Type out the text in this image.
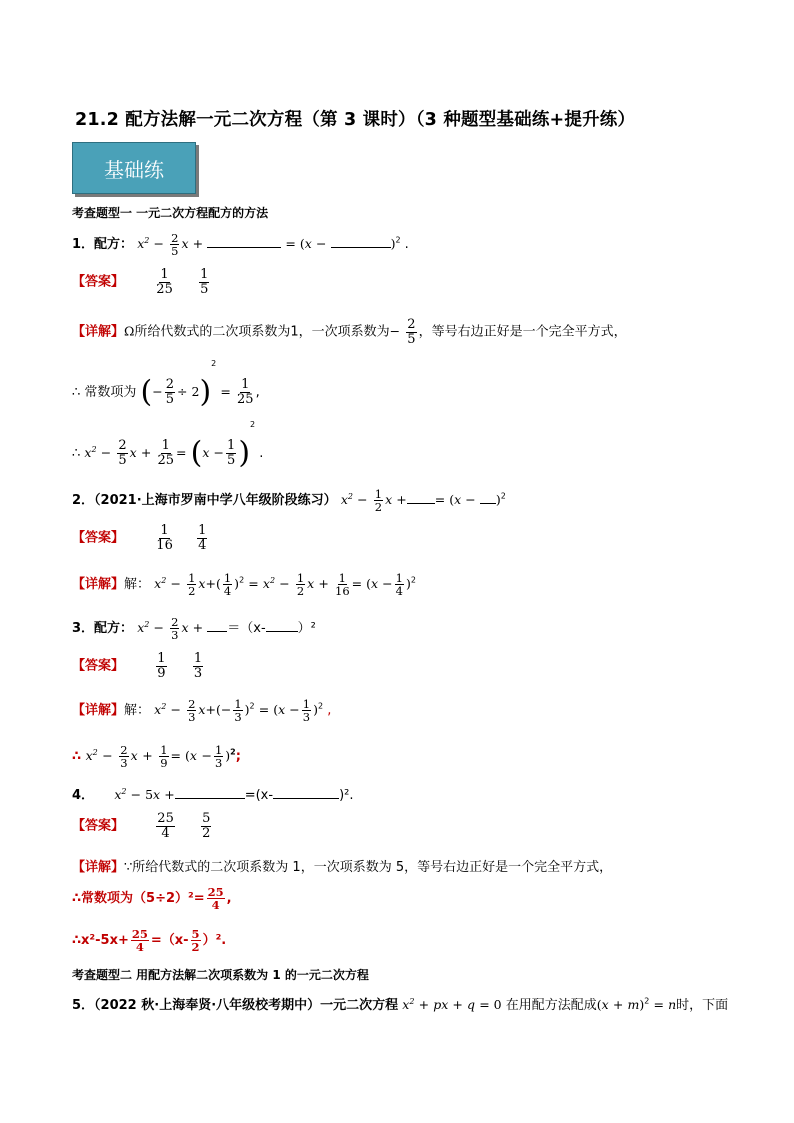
21.2 配方法解一元二次方程（第 3 课时）（3 种题型基础练+提升练）
基础练
考查题型一 一元二次方程配方的方法
1．配方： $x^2 - \frac{2}{5}$ x +	= (x −	)$^2$ .
【答案】 $\frac{1}{25}$
$\frac{1}{5}$
【详解】Ω所给代数式的二次项系数为1，一次项系数为− $\frac{2}{5}$ ，等号右边正好是一个完全平方式，
∴ 常数项为 (− $\frac{2}{5} \div 2)^2 = \frac{1}{25}$ ,
∴ $x^2 - \frac{2}{5}$ $x + \frac{1}{25} = (x - \frac{1}{5} )^2$ .
2．（2021·上海市罗南中学八年级阶段练习） $x^2 - \frac{1}{2}$ x + = $(x - )^2$
【答案】 $\frac{1}{16}$
$\frac{1}{4}$
【详解】解： $x^2 - \frac{1}{2} x+( \frac{1}{4} )^2 = x^2 - \frac{1}{2}$ $x + \frac{1}{16} = (x - \frac{1}{4} )^2$
3．配方： $x^2 - \frac{2}{3}$ x + ＝（x- ）²
【答案】 $\frac{1}{9}$
$\frac{1}{3}$
【详解】解： $x^2 - \frac{2}{3} x+(- \frac{1}{3} )^2 = (x - \frac{1}{3} )^2$ ,
∴ $x^2 - \frac{2}{3}$ $x + \frac{1}{9} = (x - \frac{1}{3} )^2$;
4． $x^2 - 5x$ +	=(x-	)².
【答案】 $\frac{25}{4}$
$\frac{5}{2}$
【详解】∵所给代数式的二次项系数为 1，一次项系数为 5，等号右边正好是一个完全平方式，
∴常数项为$(5\div 2)^2= \frac{25}{4}$ ,
∴x²-5x+ $\frac{25}{4} =(x- \frac{5}{2} )^2$.
考查题型二 用配方法解二次项系数为 1 的一元二次方程
5．（2022 秋·上海奉贤·八年级校考期中）一元二次方程 $x^2$ + px + q = 0 在用配方法配成$(x + m)^2 = n$时，下面
